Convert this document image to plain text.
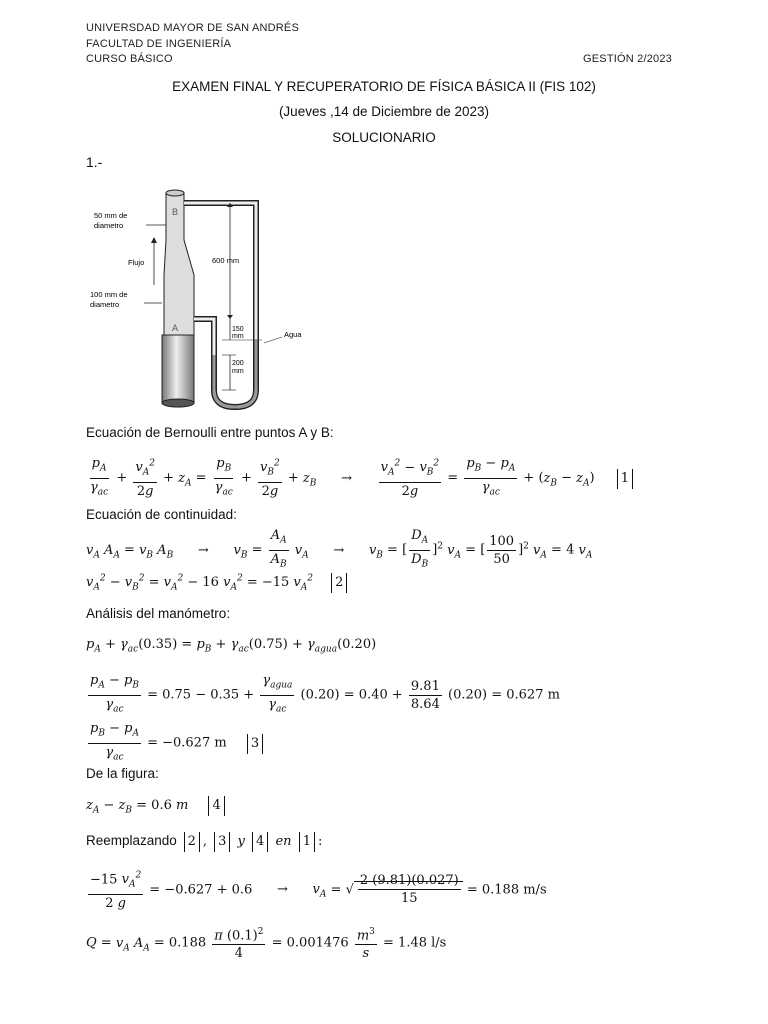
UNIVERSDAD MAYOR DE SAN ANDRÉS
FACULTAD DE INGENIERÍA
CURSO BÁSICO	GESTIÓN 2/2023
EXAMEN FINAL Y RECUPERATORIO DE FÍSICA BÁSICA II (FIS 102)
(Jueves ,14 de Diciembre de 2023)
SOLUCIONARIO
1.-
50 mm de
diametro
Flujo
100 mm de
diametro
600 mm
150
mm
200
mm
Agua
A
B
Ecuación de Bernoulli entre puntos A y B:
$\frac{p_A}{\gamma_{ac}} + \frac{v_A^2}{2g} + z_A = \frac{p_B}{\gamma_{ac}} + \frac{v_B^2}{2g} + z_B \to \frac{v_A^2 - v_B^2}{2g} = \frac{p_B - p_A}{\gamma_{ac}} + (z_B - z_A)$ 1
Ecuación de continuidad:
$v_A$ $A_A = v_B$ $A_B \to v_B = \frac{A_A}{A_B} v_A \to v_B$ = [ $\frac{D_A}{D_B} ]^2$ $v_A$ = [ $\frac{100}{50} ]^2$ $v_A = 4$ $v_A$
$v_A^2 - v_B^2 = v_A^2 - 16$ $v_A^2 = -15$ $v_A^2$ 2
Análisis del manómetro:
$p_A + \gamma_{ac}(0.35) = p_B + \gamma_{ac}(0.75) + \gamma_{agua}(0.20)$
$\frac{p_A - p_B}{\gamma_{ac}} = 0.75 - 0.35 + \frac{\gamma_{agua}}{\gamma_{ac}} (0.20) = 0.40 + \frac{9.81}{8.64} (0.20) = 0.627$ m
$\frac{p_B - p_A}{\gamma_{ac}} = -0.627$ m 3
De la figura:
$z_A - z_B = 0.6$ m 4
Reemplazando 2 , 3 y 4 en 1 :
$\frac{-15 v_A^2}{2 g} = -0.627 + 0.6 \to v_A$ = √ $\frac{2 (9.81)(0.027)}{15} = 0.188$ m/s
$Q = v_A$ $A_A = 0.188 \frac{\pi (0.1)^2}{4} = 0.001476 \frac{m^3}{s} = 1.48$ l/s
